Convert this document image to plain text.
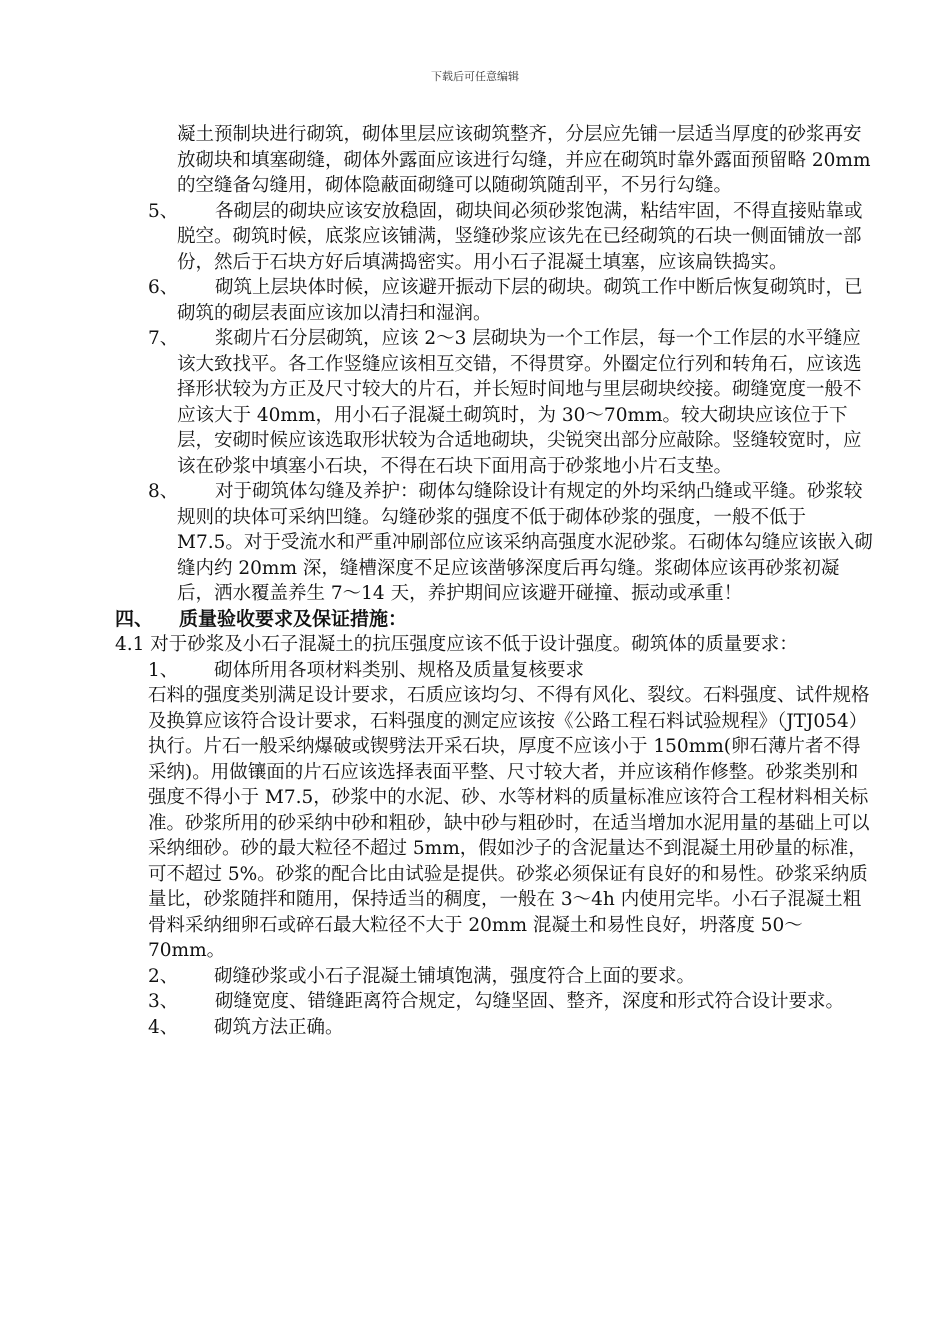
下载后可任意编辑

凝土预制块进行砌筑，砌体里层应该砌筑整齐，分层应先铺一层适当厚度的砂浆再安放砌块和填塞砌缝，砌体外露面应该进行勾缝，并应在砌筑时靠外露面预留略 20mm 的空缝备勾缝用，砌体隐蔽面砌缝可以随砌筑随刮平，不另行勾缝。

5、 各砌层的砌块应该安放稳固，砌块间必须砂浆饱满，粘结牢固，不得直接贴靠或脱空。砌筑时候，底浆应该铺满，竖缝砂浆应该先在已经砌筑的石块一侧面铺放一部份，然后于石块方好后填满捣密实。用小石子混凝土填塞，应该扁铁捣实。

6、 砌筑上层块体时候，应该避开振动下层的砌块。砌筑工作中断后恢复砌筑时，已砌筑的砌层表面应该加以清扫和湿润。

7、 浆砌片石分层砌筑，应该 2～3 层砌块为一个工作层，每一个工作层的水平缝应该大致找平。各工作竖缝应该相互交错，不得贯穿。外圈定位行列和转角石，应该选择形状较为方正及尺寸较大的片石，并长短时间地与里层砌块绞接。砌缝宽度一般不应该大于 40mm，用小石子混凝土砌筑时，为 30～70mm。较大砌块应该位于下层，安砌时候应该选取形状较为合适地砌块，尖锐突出部分应敲除。竖缝较宽时，应该在砂浆中填塞小石块，不得在石块下面用高于砂浆地小片石支垫。

8、 对于砌筑体勾缝及养护：砌体勾缝除设计有规定的外均采纳凸缝或平缝。砂浆较规则的块体可采纳凹缝。勾缝砂浆的强度不低于砌体砂浆的强度，一般不低于 M7.5。对于受流水和严重冲刷部位应该采纳高强度水泥砂浆。石砌体勾缝应该嵌入砌缝内约 20mm 深，缝槽深度不足应该凿够深度后再勾缝。浆砌体应该再砂浆初凝后，洒水覆盖养生 7～14 天，养护期间应该避开碰撞、振动或承重！

四、 质量验收要求及保证措施：

4.1 对于砂浆及小石子混凝土的抗压强度应该不低于设计强度。砌筑体的质量要求：

1、 砌体所用各项材料类别、规格及质量复核要求

石料的强度类别满足设计要求，石质应该均匀、不得有风化、裂纹。石料强度、试件规格及换算应该符合设计要求，石料强度的测定应该按《公路工程石料试验规程》（JTJ054）执行。片石一般采纳爆破或锲劈法开采石块，厚度不应该小于 150mm(卵石薄片者不得采纳)。用做镶面的片石应该选择表面平整、尺寸较大者，并应该稍作修整。砂浆类别和强度不得小于 M7.5，砂浆中的水泥、砂、水等材料的质量标准应该符合工程材料相关标准。砂浆所用的砂采纳中砂和粗砂，缺中砂与粗砂时，在适当增加水泥用量的基础上可以采纳细砂。砂的最大粒径不超过 5mm，假如沙子的含泥量达不到混凝土用砂量的标准，可不超过 5%。砂浆的配合比由试验是提供。砂浆必须保证有良好的和易性。砂浆采纳质量比，砂浆随拌和随用，保持适当的稠度，一般在 3～4h 内使用完毕。小石子混凝土粗骨料采纳细卵石或碎石最大粒径不大于 20mm 混凝土和易性良好，坍落度 50～70mm。

2、 砌缝砂浆或小石子混凝土铺填饱满，强度符合上面的要求。

3、 砌缝宽度、错缝距离符合规定，勾缝坚固、整齐，深度和形式符合设计要求。

4、 砌筑方法正确。
